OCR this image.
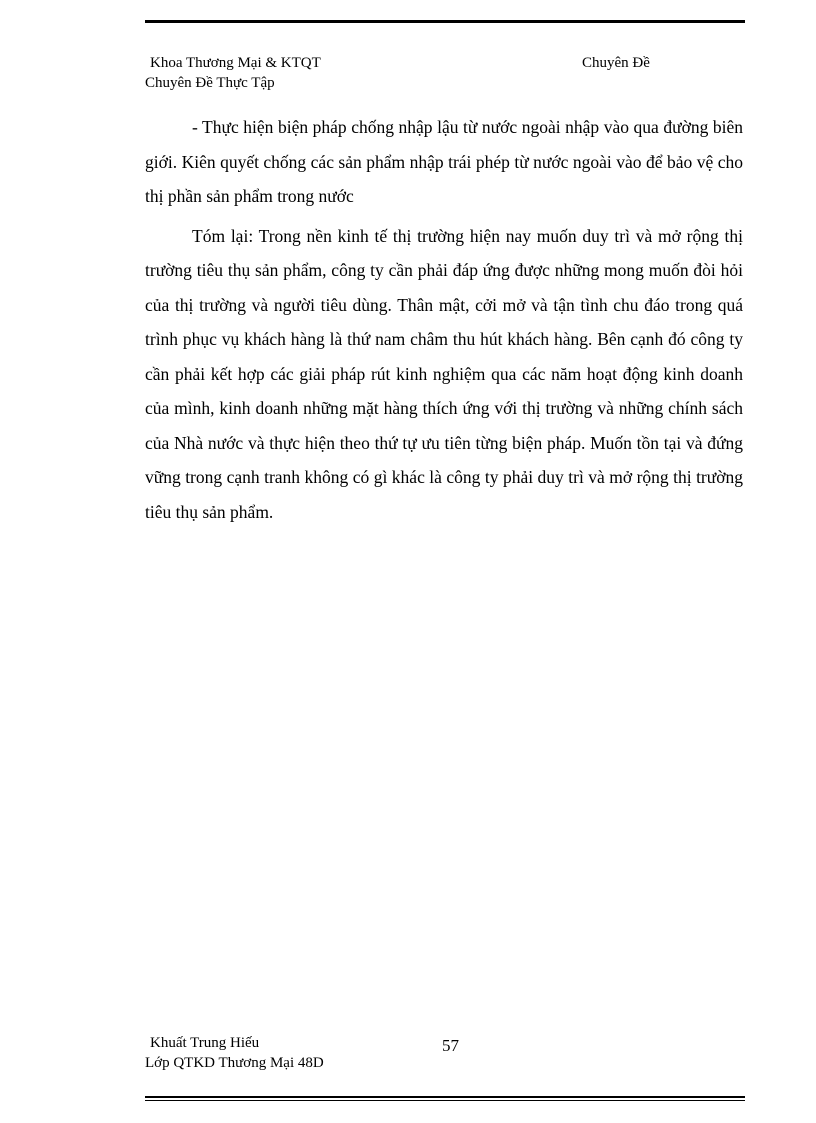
Khoa Thương Mại & KTQT
Chuyên Đề Thực Tập
Chuyên Đề

- Thực hiện biện pháp chống nhập lậu từ nước ngoài nhập vào qua đường biên giới. Kiên quyết chống các sản phẩm nhập trái phép từ nước ngoài vào để bảo vệ cho thị phần sản phẩm trong nước

Tóm lại: Trong nền kinh tế thị trường hiện nay muốn duy trì và mở rộng thị trường tiêu thụ sản phẩm, công ty cần phải đáp ứng được những mong muốn đòi hỏi của thị trường và người tiêu dùng. Thân mật, cởi mở và tận tình chu đáo trong quá trình phục vụ khách hàng là thứ nam châm thu hút khách hàng. Bên cạnh đó công ty cần phải kết hợp các giải pháp rút kinh nghiệm qua các năm hoạt động kinh doanh của mình, kinh doanh những mặt hàng thích ứng với thị trường và những chính sách của Nhà nước và thực hiện theo thứ tự ưu tiên từng biện pháp. Muốn tồn tại và đứng vững trong cạnh tranh không có gì khác là công ty phải duy trì và mở rộng thị trường tiêu thụ sản phẩm.

Khuất Trung Hiếu
Lớp QTKD Thương Mại 48D
57
